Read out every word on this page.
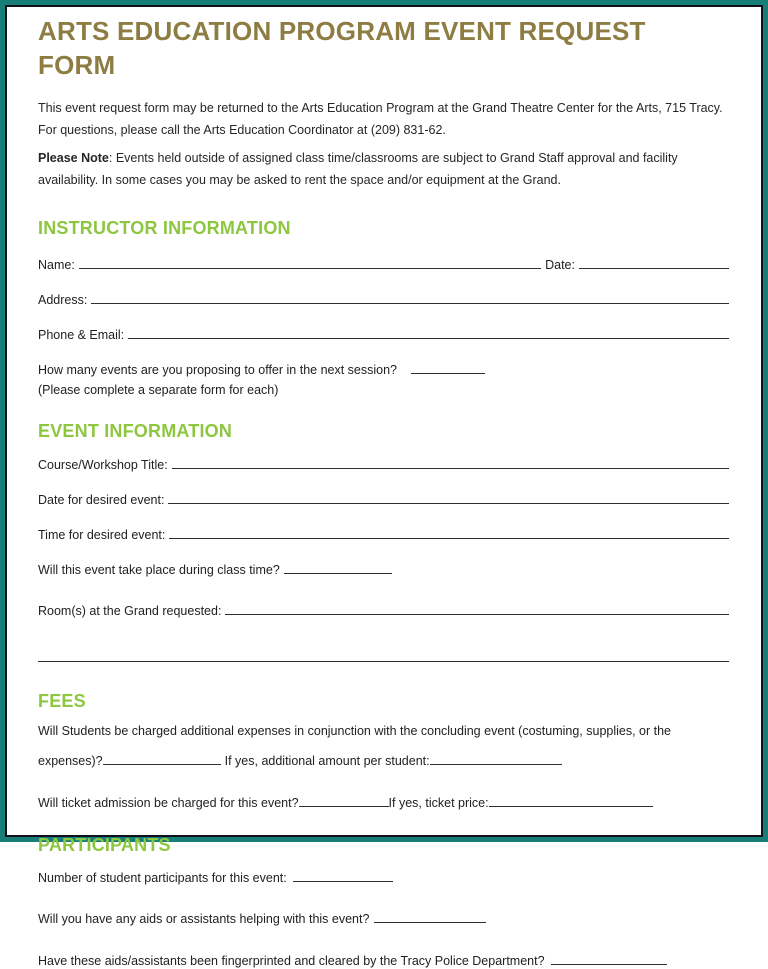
ARTS EDUCATION PROGRAM EVENT REQUEST FORM
This event request form may be returned to the Arts Education Program at the Grand Theatre Center for the Arts, 715 Tracy. For questions, please call the Arts Education Coordinator at (209) 831-62.
Please Note: Events held outside of assigned class time/classrooms are subject to Grand Staff approval and facility availability. In some cases you may be asked to rent the space and/or equipment at the Grand.
INSTRUCTOR INFORMATION
Name:	Date:
Address:
Phone & Email:
How many events are you proposing to offer in the next session?
(Please complete a separate form for each)
EVENT INFORMATION
Course/Workshop Title:
Date for desired event:
Time for desired event:
Will this event take place during class time?
Room(s) at the Grand requested:
FEES
Will Students be charged additional expenses in conjunction with the concluding event (costuming, supplies, or the
expenses)?	If yes, additional amount per student:
Will ticket admission be charged for this event?	If yes, ticket price:
PARTICIPANTS
Number of student participants for this event:
Will you have any aids or assistants helping with this event?
Have these aids/assistants been fingerprinted and cleared by the Tracy Police Department?
